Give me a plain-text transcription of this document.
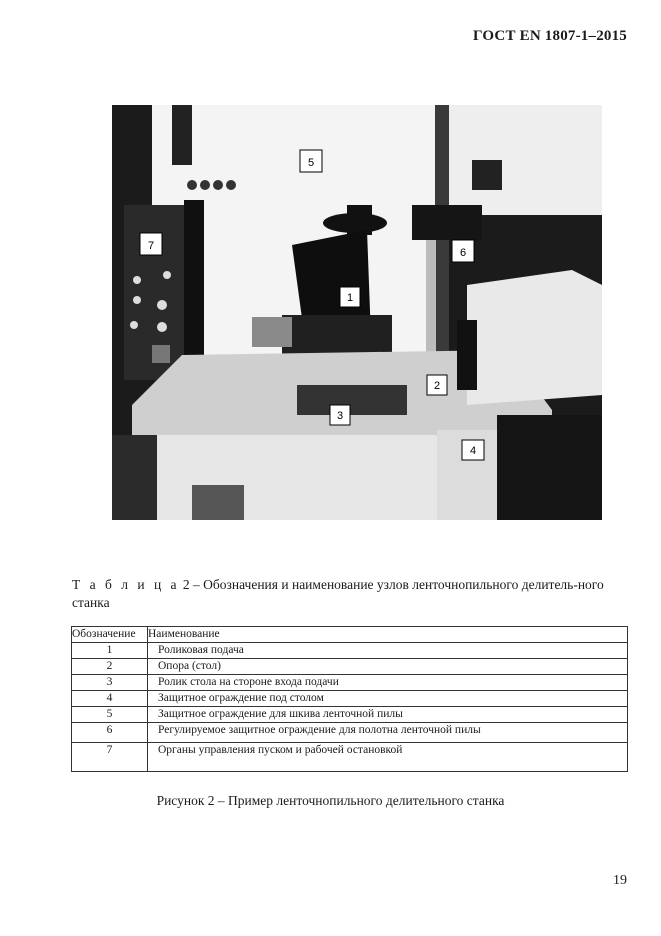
ГОСТ EN 1807-1–2015
1
2
3
4
5
6
7
Т а б л и ц а 2 – Обозначения и наименование узлов ленточнопильного делитель-ного станка
Обозначение	Наименование
1	Роликовая подача
2	Опора (стол)
3	Ролик стола на стороне входа подачи
4	Защитное ограждение под столом
5	Защитное ограждение для шкива ленточной пилы
6	Регулируемое защитное ограждение для полотна ленточной пилы
7	Органы управления пуском и рабочей остановкой
Рисунок 2 – Пример ленточнопильного делительного станка
19
